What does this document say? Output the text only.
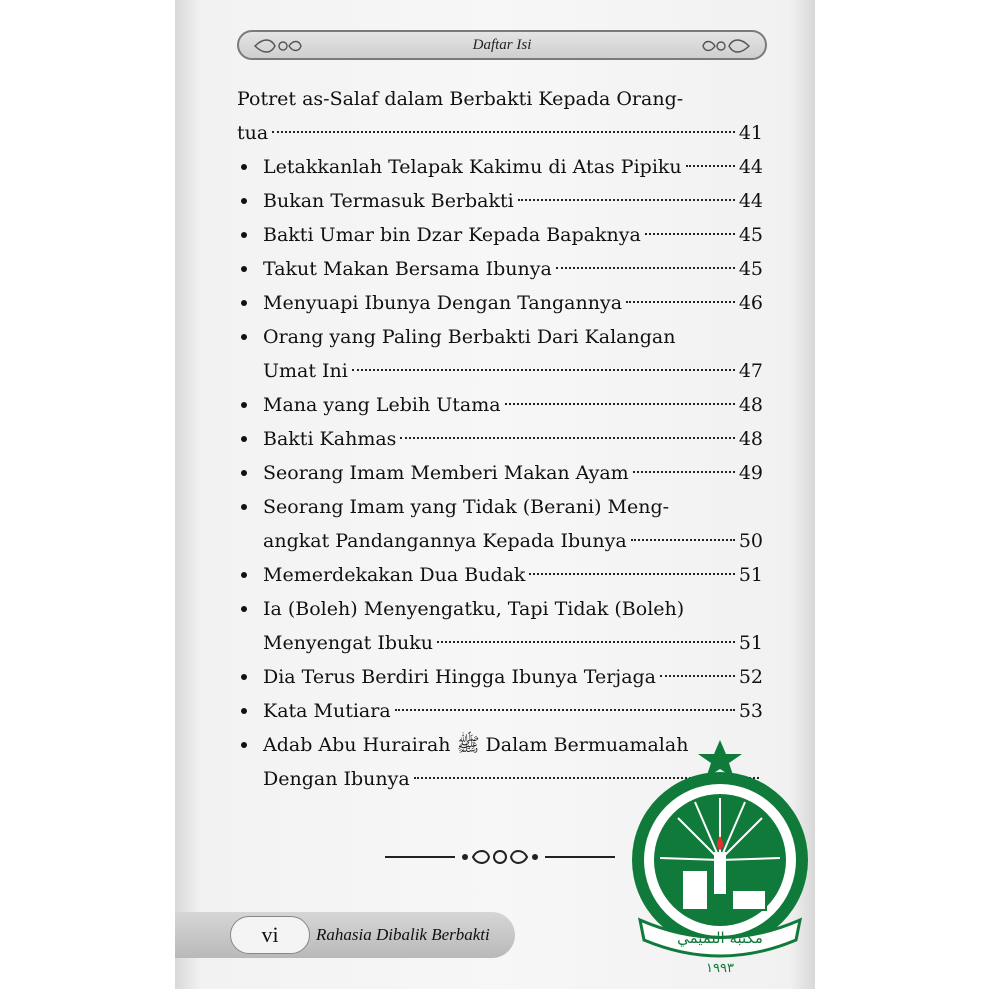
Daftar Isi
Potret as-Salaf dalam Berbakti Kepada Orang-
tua	41
Letakkanlah Telapak Kakimu di Atas Pipiku	44
Bukan Termasuk Berbakti	44
Bakti Umar bin Dzar Kepada Bapaknya	45
Takut Makan Bersama Ibunya	45
Menyuapi Ibunya Dengan Tangannya	46
Orang yang Paling Berbakti Dari Kalangan
Umat Ini	47
Mana yang Lebih Utama	48
Bakti Kahmas	48
Seorang Imam Memberi Makan Ayam	49
Seorang Imam yang Tidak (Berani) Meng-
angkat Pandangannya Kepada Ibunya	50
Memerdekakan Dua Budak	51
Ia (Boleh) Menyengatku, Tapi Tidak (Boleh)
Menyengat Ibuku	51
Dia Terus Berdiri Hingga Ibunya Terjaga	52
Kata Mutiara	53
Adab Abu Hurairah ﷺ Dalam Bermuamalah
Dengan Ibunya
vi	Rahasia Dibalik Berbakti	مكتبة التميمي
١٩٩٣
